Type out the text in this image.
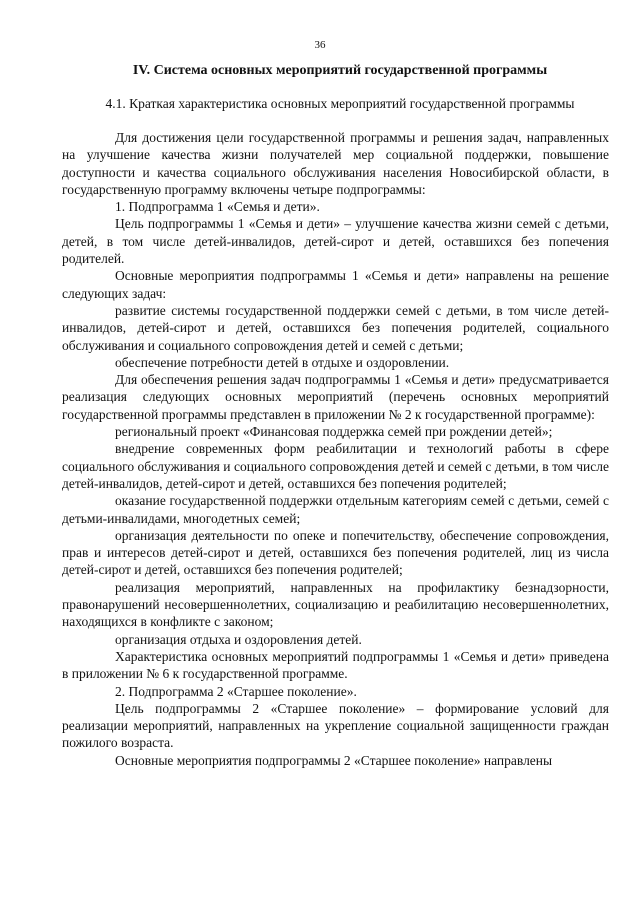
36
IV. Система основных мероприятий государственной программы
4.1. Краткая характеристика основных мероприятий государственной программы

Для достижения цели государственной программы и решения задач, направленных на улучшение качества жизни получателей мер социальной поддержки, повышение доступности и качества социального обслуживания населения Новосибирской области, в государственную программу включены четыре подпрограммы:

1. Подпрограмма 1 «Семья и дети».

Цель подпрограммы 1 «Семья и дети» – улучшение качества жизни семей с детьми, детей, в том числе детей-инвалидов, детей-сирот и детей, оставшихся без попечения родителей.

Основные мероприятия подпрограммы 1 «Семья и дети» направлены на решение следующих задач:

развитие системы государственной поддержки семей с детьми, в том числе детей-инвалидов, детей-сирот и детей, оставшихся без попечения родителей, социального обслуживания и социального сопровождения детей и семей с детьми;

обеспечение потребности детей в отдыхе и оздоровлении.

Для обеспечения решения задач подпрограммы 1 «Семья и дети» предусматривается реализация следующих основных мероприятий (перечень основных мероприятий государственной программы представлен в приложении № 2 к государственной программе):

региональный проект «Финансовая поддержка семей при рождении детей»;

внедрение современных форм реабилитации и технологий работы в сфере социального обслуживания и социального сопровождения детей и семей с детьми, в том числе детей-инвалидов, детей-сирот и детей, оставшихся без попечения родителей;

оказание государственной поддержки отдельным категориям семей с детьми, семей с детьми-инвалидами, многодетных семей;

организация деятельности по опеке и попечительству, обеспечение сопровождения, прав и интересов детей-сирот и детей, оставшихся без попечения родителей, лиц из числа детей-сирот и детей, оставшихся без попечения родителей;

реализация мероприятий, направленных на профилактику безнадзорности, правонарушений несовершеннолетних, социализацию и реабилитацию несовершеннолетних, находящихся в конфликте с законом;

организация отдыха и оздоровления детей.

Характеристика основных мероприятий подпрограммы 1 «Семья и дети» приведена в приложении № 6 к государственной программе.

2. Подпрограмма 2 «Старшее поколение».

Цель подпрограммы 2 «Старшее поколение» – формирование условий для реализации мероприятий, направленных на укрепление социальной защищенности граждан пожилого возраста.

Основные мероприятия подпрограммы 2 «Старшее поколение» направлены
